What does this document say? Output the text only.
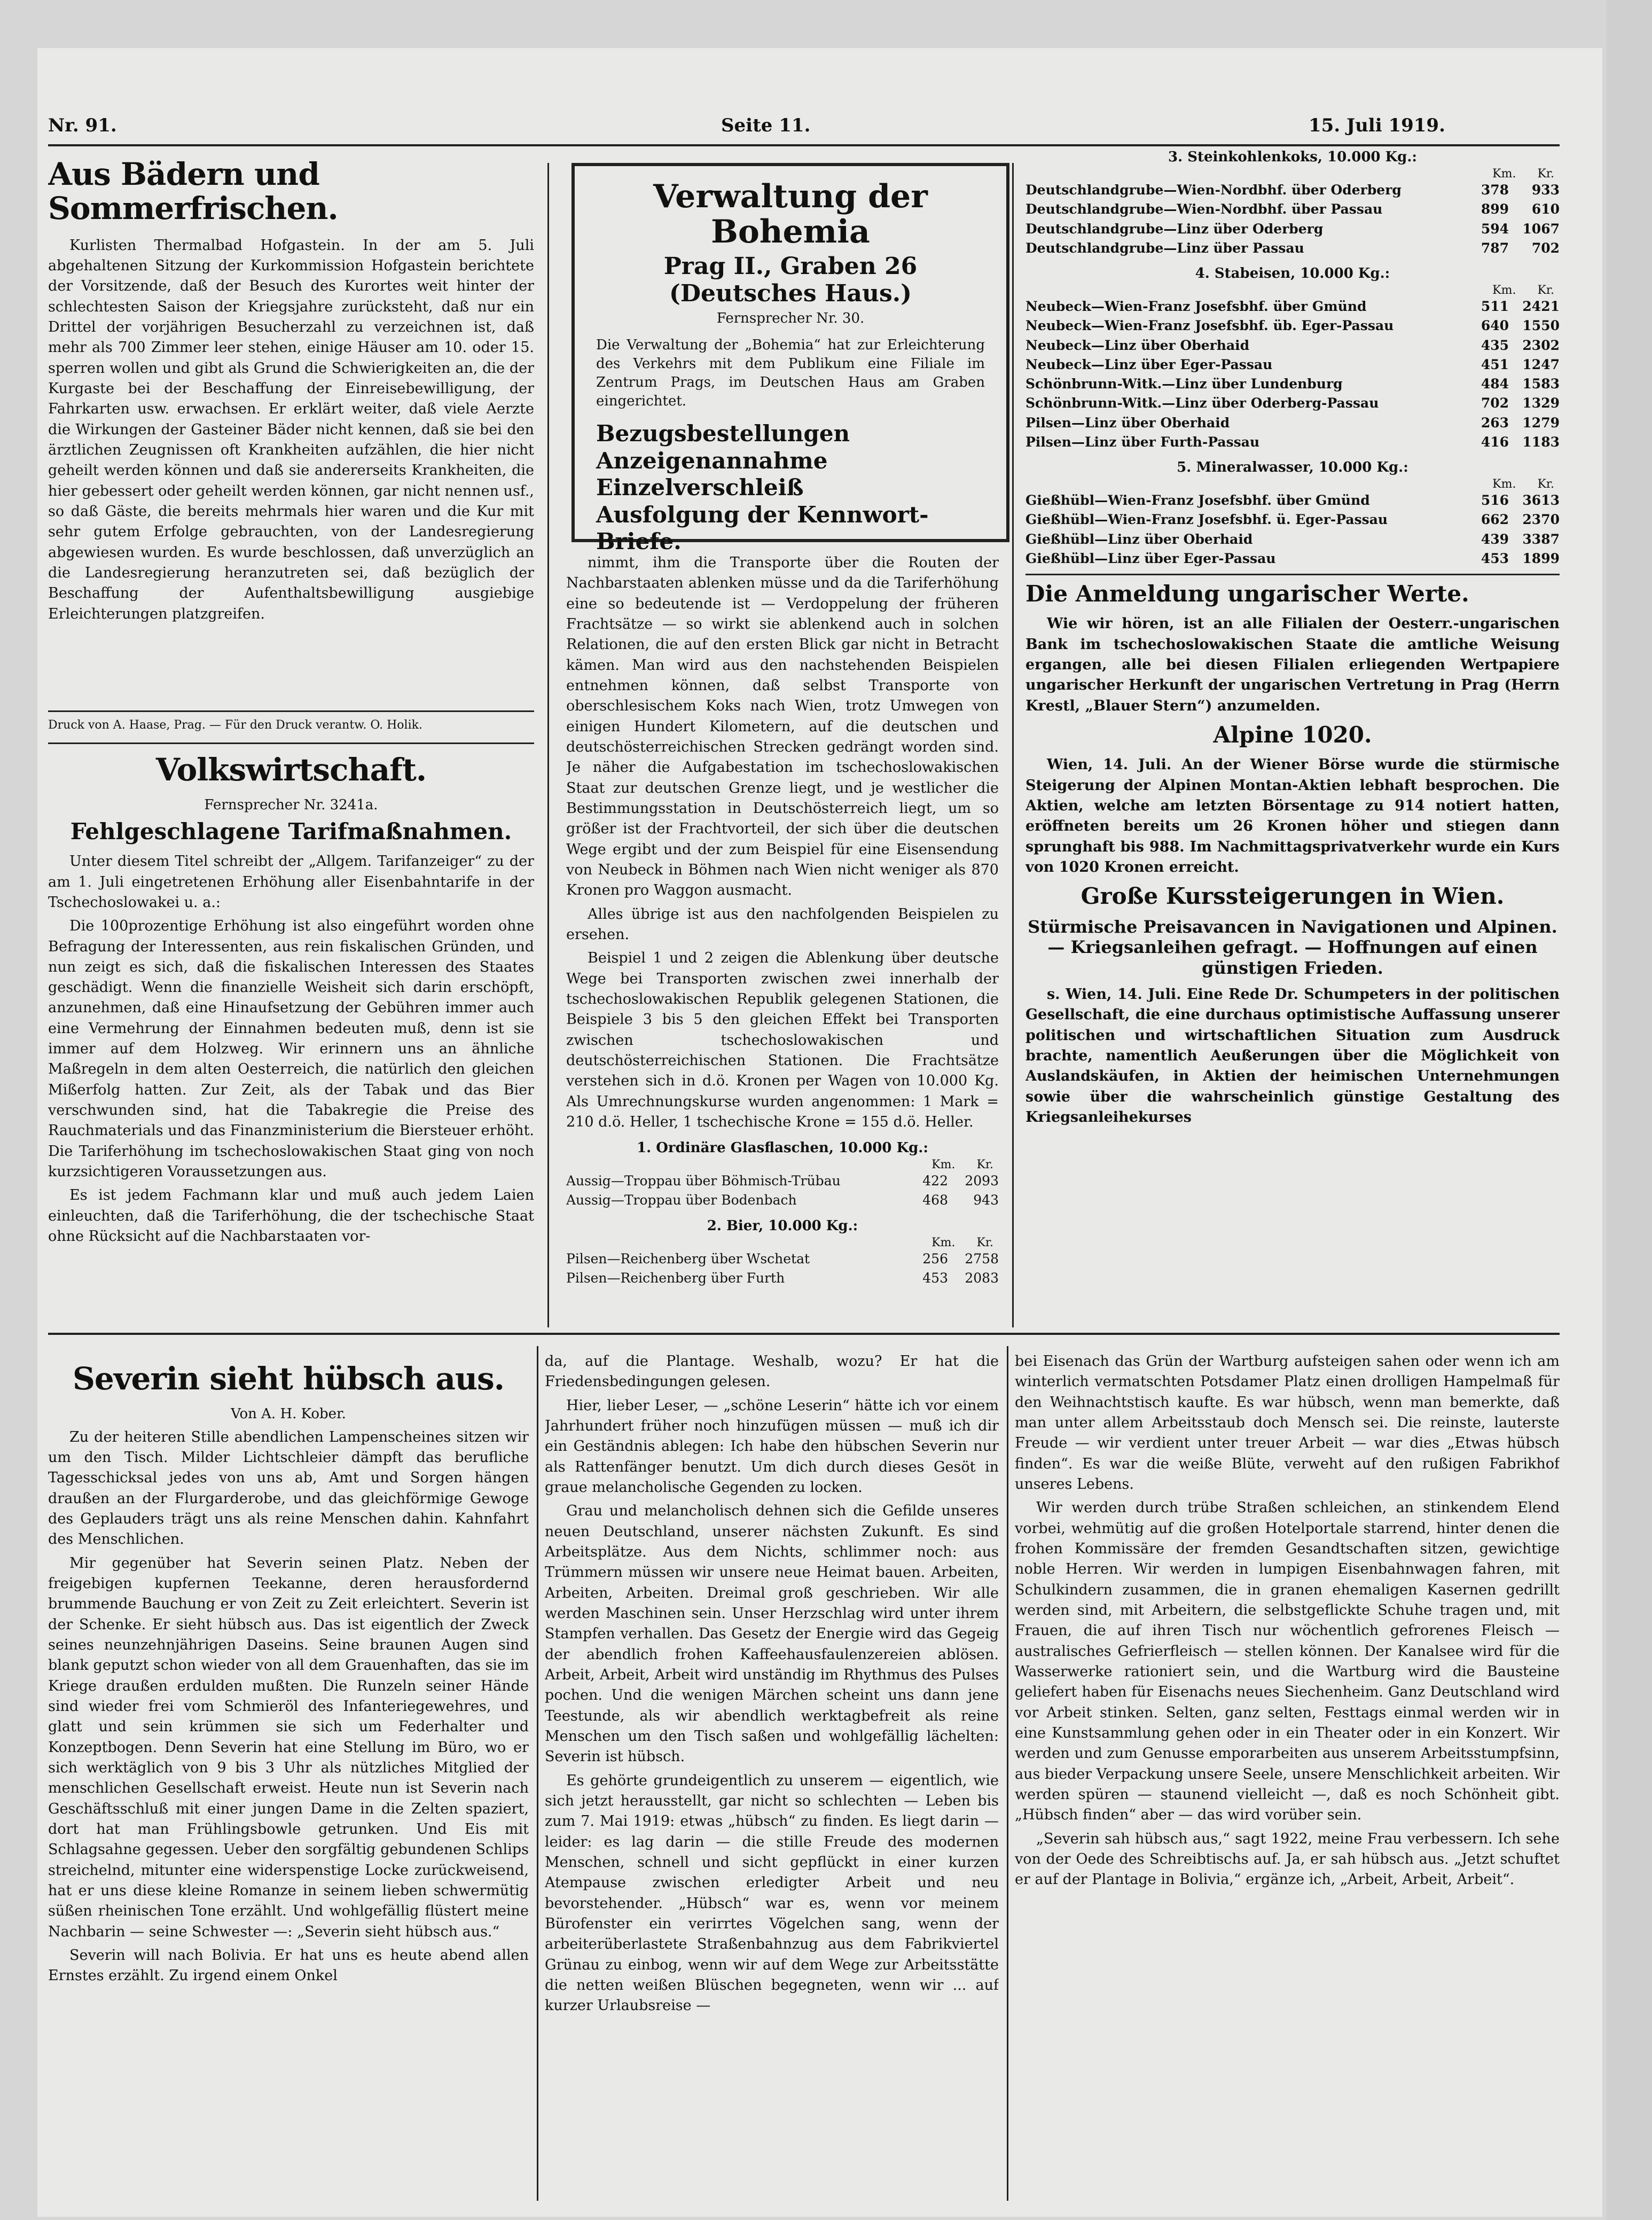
Nr. 91.	Seite 11.	15. Juli 1919.
Aus Bädern und Sommerfrischen.

Kurlisten Thermalbad Hofgastein. In der am 5. Juli abgehaltenen Sitzung der Kurkommission Hofgastein berichtete der Vorsitzende, daß der Besuch des Kurortes weit hinter der schlechtesten Saison der Kriegsjahre zurücksteht, daß nur ein Drittel der vorjährigen Besucherzahl zu verzeichnen ist, daß mehr als 700 Zimmer leer stehen, einige Häuser am 10. oder 15. sperren wollen und gibt als Grund die Schwierigkeiten an, die der Kurgaste bei der Beschaffung der Einreisebewilligung, der Fahrkarten usw. erwachsen. Er erklärt weiter, daß viele Aerzte die Wirkungen der Gasteiner Bäder nicht kennen, daß sie bei den ärztlichen Zeugnissen oft Krankheiten aufzählen, die hier nicht geheilt werden können und daß sie andererseits Krankheiten, die hier gebessert oder geheilt werden können, gar nicht nennen usf., so daß Gäste, die bereits mehrmals hier waren und die Kur mit sehr gutem Erfolge gebrauchten, von der Landesregierung abgewiesen wurden. Es wurde beschlossen, daß unverzüglich an die Landesregierung heranzutreten sei, daß bezüglich der Beschaffung der Aufenthaltsbewilligung ausgiebige Erleichterungen platzgreifen.

Druck von A. Haase, Prag. — Für den Druck verantw. O. Holik.
Volkswirtschaft.
Fernsprecher Nr. 3241a.
Fehlgeschlagene Tarifmaßnahmen.

Unter diesem Titel schreibt der „Allgem. Tarifanzeiger“ zu der am 1. Juli eingetretenen Erhöhung aller Eisenbahntarife in der Tschechoslowakei u. a.:

Die 100prozentige Erhöhung ist also eingeführt worden ohne Befragung der Interessenten, aus rein fiskalischen Gründen, und nun zeigt es sich, daß die fiskalischen Interessen des Staates geschädigt. Wenn die finanzielle Weisheit sich darin erschöpft, anzunehmen, daß eine Hinaufsetzung der Gebühren immer auch eine Vermehrung der Einnahmen bedeuten muß, denn ist sie immer auf dem Holzweg. Wir erinnern uns an ähnliche Maßregeln in dem alten Oesterreich, die natürlich den gleichen Mißerfolg hatten. Zur Zeit, als der Tabak und das Bier verschwunden sind, hat die Tabakregie die Preise des Rauchmaterials und das Finanzministerium die Biersteuer erhöht. Die Tariferhöhung im tschechoslowakischen Staat ging von noch kurzsichtigeren Voraussetzungen aus.

Es ist jedem Fachmann klar und muß auch jedem Laien einleuchten, daß die Tariferhöhung, die der tschechische Staat ohne Rücksicht auf die Nachbarstaaten vor-

Verwaltung der Bohemia
Prag II., Graben 26 (Deutsches Haus.)
Fernsprecher Nr. 30.
Die Verwaltung der „Bohemia“ hat zur Erleichterung des Verkehrs mit dem Publikum eine Filiale im Zentrum Prags, im Deutschen Haus am Graben eingerichtet.
Bezugsbestellungen
Anzeigenannahme
Einzelverschleiß
Ausfolgung der Kennwort-Briefe.

nimmt, ihm die Transporte über die Routen der Nachbarstaaten ablenken müsse und da die Tariferhöhung eine so bedeutende ist — Verdoppelung der früheren Frachtsätze — so wirkt sie ablenkend auch in solchen Relationen, die auf den ersten Blick gar nicht in Betracht kämen. Man wird aus den nachstehenden Beispielen entnehmen können, daß selbst Transporte von oberschlesischem Koks nach Wien, trotz Umwegen von einigen Hundert Kilometern, auf die deutschen und deutschösterreichischen Strecken gedrängt worden sind. Je näher die Aufgabestation im tschechoslowakischen Staat zur deutschen Grenze liegt, und je westlicher die Bestimmungsstation in Deutschösterreich liegt, um so größer ist der Frachtvorteil, der sich über die deutschen Wege ergibt und der zum Beispiel für eine Eisensendung von Neubeck in Böhmen nach Wien nicht weniger als 870 Kronen pro Waggon ausmacht.

Alles übrige ist aus den nachfolgenden Beispielen zu ersehen.

Beispiel 1 und 2 zeigen die Ablenkung über deutsche Wege bei Transporten zwischen zwei innerhalb der tschechoslowakischen Republik gelegenen Stationen, die Beispiele 3 bis 5 den gleichen Effekt bei Transporten zwischen tschechoslowakischen und deutschösterreichischen Stationen. Die Frachtsätze verstehen sich in d.ö. Kronen per Wagen von 10.000 Kg. Als Umrechnungskurse wurden angenommen: 1 Mark = 210 d.ö. Heller, 1 tschechische Krone = 155 d.ö. Heller.

1. Ordinäre Glasflaschen, 10.000 Kg.:
Km. Kr.
Aussig—Troppau über Böhmisch-Trübau	422	2093
Aussig—Troppau über Bodenbach	468	943
2. Bier, 10.000 Kg.:
Km. Kr.
Pilsen—Reichenberg über Wschetat	256	2758
Pilsen—Reichenberg über Furth	453	2083
3. Steinkohlenkoks, 10.000 Kg.:
Km. Kr.
Deutschlandgrube—Wien-Nordbhf. über Oderberg	378	933
Deutschlandgrube—Wien-Nordbhf. über Passau	899	610
Deutschlandgrube—Linz über Oderberg	594	1067
Deutschlandgrube—Linz über Passau	787	702
4. Stabeisen, 10.000 Kg.:
Km. Kr.
Neubeck—Wien-Franz Josefsbhf. über Gmünd	511	2421
Neubeck—Wien-Franz Josefsbhf. üb. Eger-Passau	640	1550
Neubeck—Linz über Oberhaid	435	2302
Neubeck—Linz über Eger-Passau	451	1247
Schönbrunn-Witk.—Linz über Lundenburg	484	1583
Schönbrunn-Witk.—Linz über Oderberg-Passau	702	1329
Pilsen—Linz über Oberhaid	263	1279
Pilsen—Linz über Furth-Passau	416	1183
5. Mineralwasser, 10.000 Kg.:
Km. Kr.
Gießhübl—Wien-Franz Josefsbhf. über Gmünd	516	3613
Gießhübl—Wien-Franz Josefsbhf. ü. Eger-Passau	662	2370
Gießhübl—Linz über Oberhaid	439	3387
Gießhübl—Linz über Eger-Passau	453	1899
Die Anmeldung ungarischer Werte.

Wie wir hören, ist an alle Filialen der Oesterr.-ungarischen Bank im tschechoslowakischen Staate die amtliche Weisung ergangen, alle bei diesen Filialen erliegenden Wertpapiere ungarischer Herkunft der ungarischen Vertretung in Prag (Herrn Krestl, „Blauer Stern“) anzumelden.

Alpine 1020.

Wien, 14. Juli. An der Wiener Börse wurde die stürmische Steigerung der Alpinen Montan-Aktien lebhaft besprochen. Die Aktien, welche am letzten Börsentage zu 914 notiert hatten, eröffneten bereits um 26 Kronen höher und stiegen dann sprunghaft bis 988. Im Nachmittagsprivatverkehr wurde ein Kurs von 1020 Kronen erreicht.

Große Kurssteigerungen in Wien.
Stürmische Preisavancen in Navigationen und Alpinen. — Kriegsanleihen gefragt. — Hoffnungen auf einen günstigen Frieden.

s. Wien, 14. Juli. Eine Rede Dr. Schumpeters in der politischen Gesellschaft, die eine durchaus optimistische Auffassung unserer politischen und wirtschaftlichen Situation zum Ausdruck brachte, namentlich Aeußerungen über die Möglichkeit von Auslandskäufen, in Aktien der heimischen Unternehmungen sowie über die wahrscheinlich günstige Gestaltung des Kriegsanleihekurses

Severin sieht hübsch aus.
Von A. H. Kober.

Zu der heiteren Stille abendlichen Lampenscheines sitzen wir um den Tisch. Milder Lichtschleier dämpft das berufliche Tagesschicksal jedes von uns ab, Amt und Sorgen hängen draußen an der Flurgarderobe, und das gleichförmige Gewoge des Geplauders trägt uns als reine Menschen dahin. Kahnfahrt des Menschlichen.

Mir gegenüber hat Severin seinen Platz. Neben der freigebigen kupfernen Teekanne, deren herausfordernd brummende Bauchung er von Zeit zu Zeit erleichtert. Severin ist der Schenke. Er sieht hübsch aus. Das ist eigentlich der Zweck seines neunzehnjährigen Daseins. Seine braunen Augen sind blank geputzt schon wieder von all dem Grauenhaften, das sie im Kriege draußen erdulden mußten. Die Runzeln seiner Hände sind wieder frei vom Schmieröl des Infanteriegewehres, und glatt und sein krümmen sie sich um Federhalter und Konzeptbogen. Denn Severin hat eine Stellung im Büro, wo er sich werktäglich von 9 bis 3 Uhr als nützliches Mitglied der menschlichen Gesellschaft erweist. Heute nun ist Severin nach Geschäftsschluß mit einer jungen Dame in die Zelten spaziert, dort hat man Frühlingsbowle getrunken. Und Eis mit Schlagsahne gegessen. Ueber den sorgfältig gebundenen Schlips streichelnd, mitunter eine widerspenstige Locke zurückweisend, hat er uns diese kleine Romanze in seinem lieben schwermütig süßen rheinischen Tone erzählt. Und wohlgefällig flüstert meine Nachbarin — seine Schwester —: „Severin sieht hübsch aus.“

Severin will nach Bolivia. Er hat uns es heute abend allen Ernstes erzählt. Zu irgend einem Onkel

da, auf die Plantage. Weshalb, wozu? Er hat die Friedensbedingungen gelesen.

Hier, lieber Leser, — „schöne Leserin“ hätte ich vor einem Jahrhundert früher noch hinzufügen müssen — muß ich dir ein Geständnis ablegen: Ich habe den hübschen Severin nur als Rattenfänger benutzt. Um dich durch dieses Gesöt in graue melancholische Gegenden zu locken.

Grau und melancholisch dehnen sich die Gefilde unseres neuen Deutschland, unserer nächsten Zukunft. Es sind Arbeitsplätze. Aus dem Nichts, schlimmer noch: aus Trümmern müssen wir unsere neue Heimat bauen. Arbeiten, Arbeiten, Arbeiten. Dreimal groß geschrieben. Wir alle werden Maschinen sein. Unser Herzschlag wird unter ihrem Stampfen verhallen. Das Gesetz der Energie wird das Gegeig der abendlich frohen Kaffeehausfaulenzereien ablösen. Arbeit, Arbeit, Arbeit wird unständig im Rhythmus des Pulses pochen. Und die wenigen Märchen scheint uns dann jene Teestunde, als wir abendlich werktagbefreit als reine Menschen um den Tisch saßen und wohlgefällig lächelten: Severin ist hübsch.

Es gehörte grundeigentlich zu unserem — eigentlich, wie sich jetzt herausstellt, gar nicht so schlechten — Leben bis zum 7. Mai 1919: etwas „hübsch“ zu finden. Es liegt darin — leider: es lag darin — die stille Freude des modernen Menschen, schnell und sicht gepflückt in einer kurzen Atempause zwischen erledigter Arbeit und neu bevorstehender. „Hübsch“ war es, wenn vor meinem Bürofenster ein verirrtes Vögelchen sang, wenn der arbeiterüberlastete Straßenbahnzug aus dem Fabrikviertel Grünau zu einbog, wenn wir auf dem Wege zur Arbeitsstätte die netten weißen Blüschen begegneten, wenn wir ... auf kurzer Urlaubsreise —

bei Eisenach das Grün der Wartburg aufsteigen sahen oder wenn ich am winterlich vermatschten Potsdamer Platz einen drolligen Hampelmaß für den Weihnachtstisch kaufte. Es war hübsch, wenn man bemerkte, daß man unter allem Arbeitsstaub doch Mensch sei. Die reinste, lauterste Freude — wir verdient unter treuer Arbeit — war dies „Etwas hübsch finden“. Es war die weiße Blüte, verweht auf den rußigen Fabrikhof unseres Lebens.

Wir werden durch trübe Straßen schleichen, an stinkendem Elend vorbei, wehmütig auf die großen Hotelportale starrend, hinter denen die frohen Kommissäre der fremden Gesandtschaften sitzen, gewichtige noble Herren. Wir werden in lumpigen Eisenbahnwagen fahren, mit Schulkindern zusammen, die in granen ehemaligen Kasernen gedrillt werden sind, mit Arbeitern, die selbstgeflickte Schuhe tragen und, mit Frauen, die auf ihren Tisch nur wöchentlich gefrorenes Fleisch — australisches Gefrierfleisch — stellen können. Der Kanalsee wird für die Wasserwerke rationiert sein, und die Wartburg wird die Bausteine geliefert haben für Eisenachs neues Siechenheim. Ganz Deutschland wird vor Arbeit stinken. Selten, ganz selten, Festtags einmal werden wir in eine Kunstsammlung gehen oder in ein Theater oder in ein Konzert. Wir werden und zum Genusse emporarbeiten aus unserem Arbeitsstumpfsinn, aus bieder Verpackung unsere Seele, unsere Menschlichkeit arbeiten. Wir werden spüren — staunend vielleicht —, daß es noch Schönheit gibt. „Hübsch finden“ aber — das wird vorüber sein.

„Severin sah hübsch aus,“ sagt 1922, meine Frau verbessern. Ich sehe von der Oede des Schreibtischs auf. Ja, er sah hübsch aus. „Jetzt schuftet er auf der Plantage in Bolivia,“ ergänze ich, „Arbeit, Arbeit, Arbeit“.
